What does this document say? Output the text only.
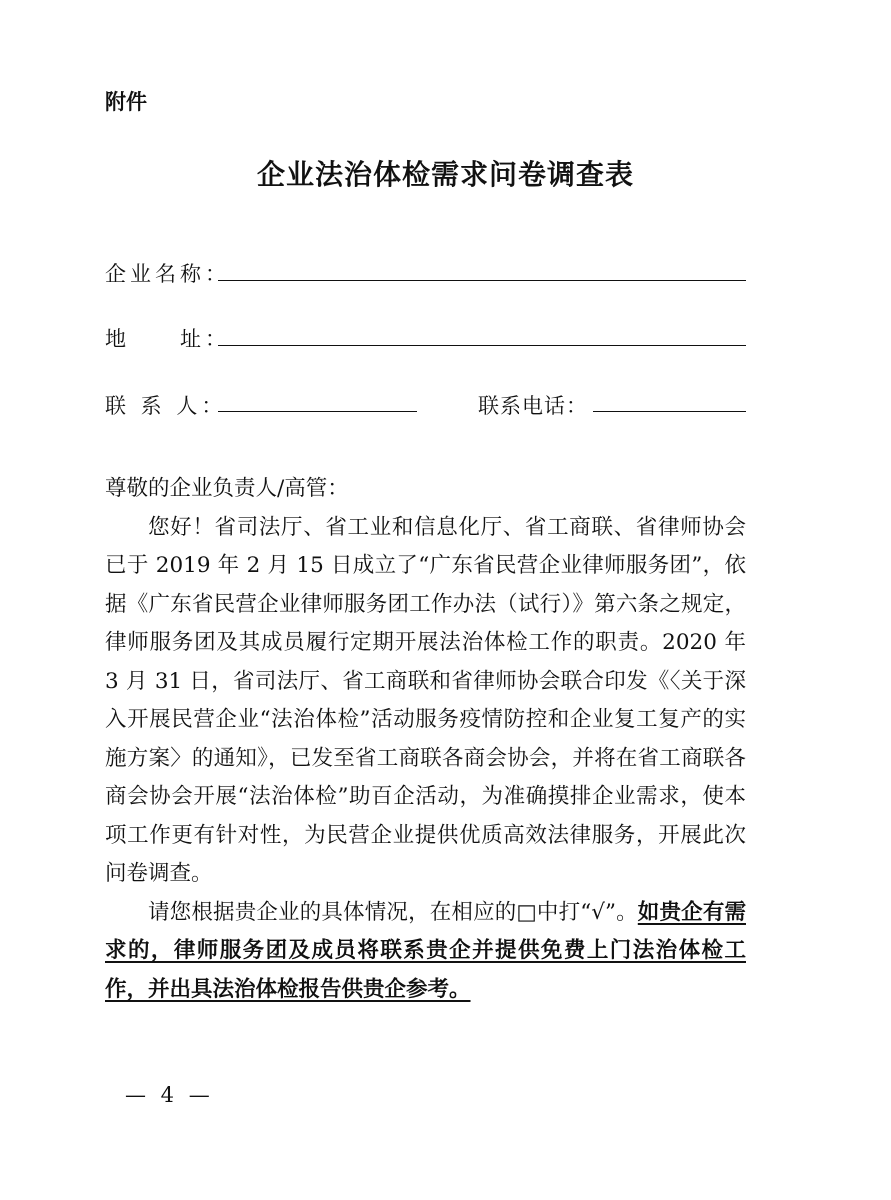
附件
企业法治体检需求问卷调查表
企业名称：
地　　址：
联 系 人：	联系电话：

尊敬的企业负责人/高管：

您好！省司法厅、省工业和信息化厅、省工商联、省律师协会已于 2019 年 2 月 15 日成立了“广东省民营企业律师服务团”，依据《广东省民营企业律师服务团工作办法（试行）》第六条之规定，律师服务团及其成员履行定期开展法治体检工作的职责。2020 年 3 月 31 日，省司法厅、省工商联和省律师协会联合印发《〈关于深入开展民营企业“法治体检”活动服务疫情防控和企业复工复产的实施方案〉的通知》，已发至省工商联各商会协会，并将在省工商联各商会协会开展“法治体检”助百企活动，为准确摸排企业需求，使本项工作更有针对性，为民营企业提供优质高效法律服务，开展此次问卷调查。

请您根据贵企业的具体情况，在相应的□中打“√”。如贵企有需求的，律师服务团及成员将联系贵企并提供免费上门法治体检工作，并出具法治体检报告供贵企参考。

— 4 —
